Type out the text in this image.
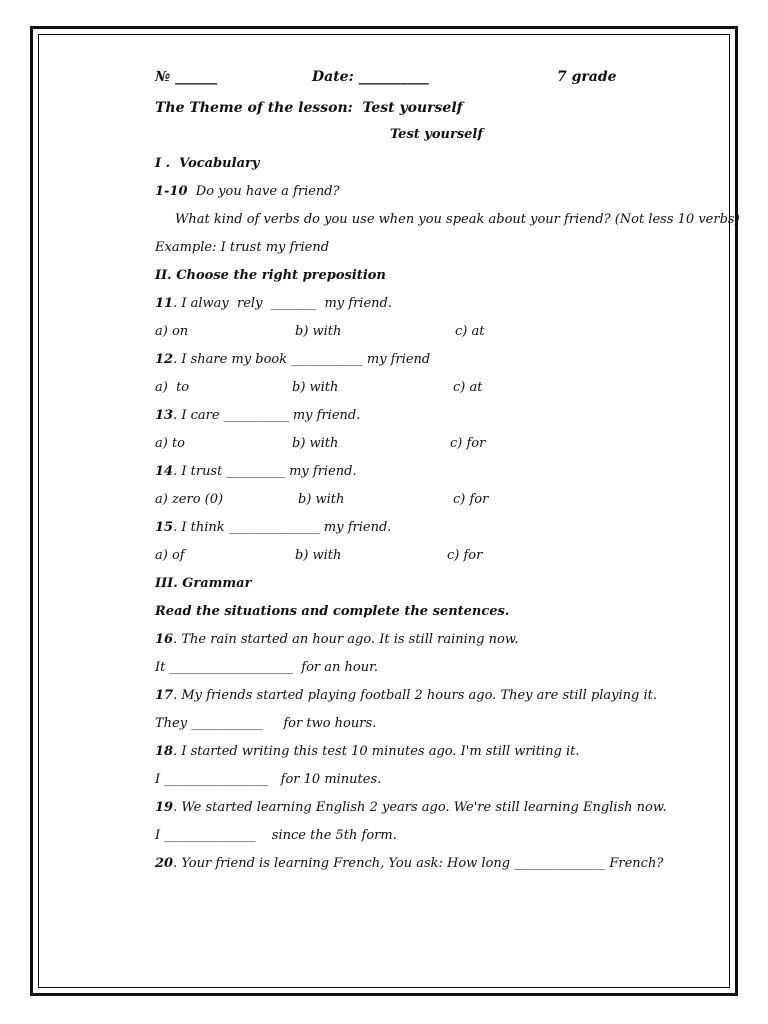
№ ______	Date: __________	7 grade
The Theme of the lesson:  Test yourself
Test yourself
I .  Vocabulary
1-10  Do you have a friend?
What kind of verbs do you use when you speak about your friend? (Not less 10 verbs)
Example: I trust my friend
II. Choose the right preposition
11. I alway  rely  _______  my friend.
a) on	b) with	c) at
12. I share my book ___________ my friend
a)  to	b) with	c) at
13. I care __________ my friend.
a) to	b) with	c) for
14. I trust _________ my friend.
a) zero (0)	b) with	c) for
15. I think ______________ my friend.
a) of	b) with	c) for
III. Grammar
Read the situations and complete the sentences.
16. The rain started an hour ago. It is still raining now.
It ___________________  for an hour.
17. My friends started playing football 2 hours ago. They are still playing it.
They ___________     for two hours.
18. I started writing this test 10 minutes ago. I'm still writing it.
I ________________   for 10 minutes.
19. We started learning English 2 years ago. We're still learning English now.
I ______________    since the 5th form.
20. Your friend is learning French, You ask: How long ______________ French?
